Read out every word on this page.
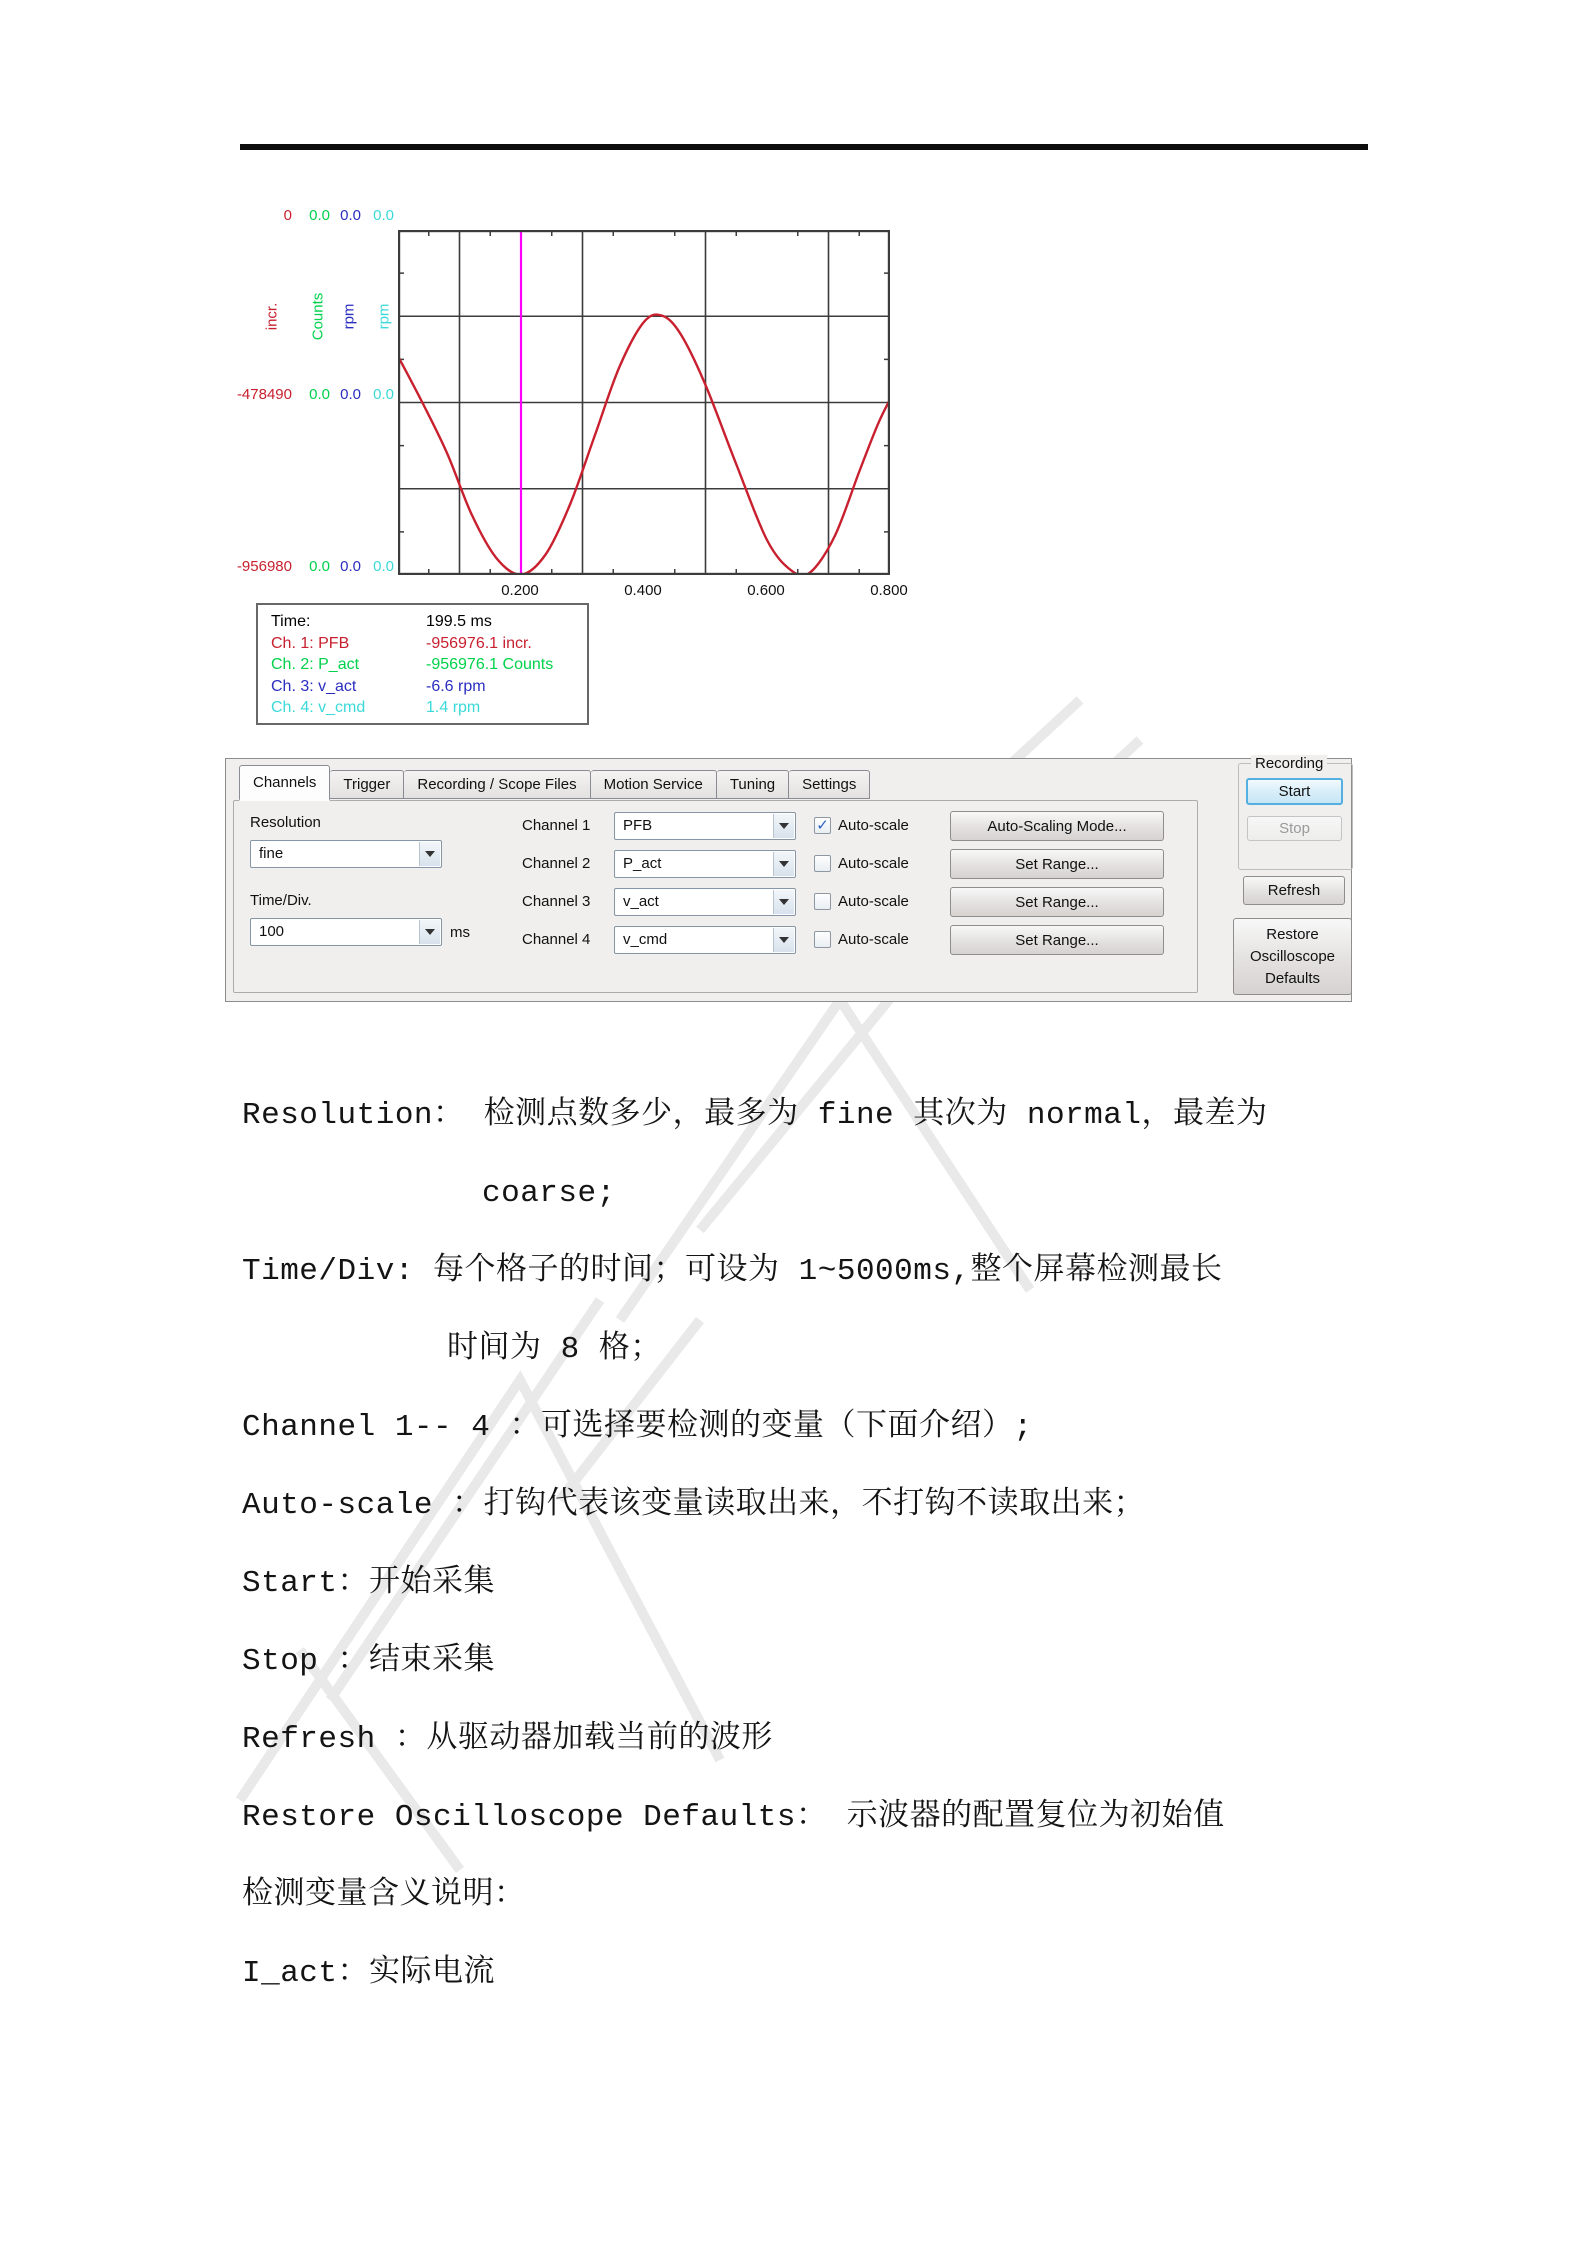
0	0.0 0.0 0.0
incr. Counts rpm rpm
-478490	0.0 0.0 0.0
-956980	0.0 0.0 0.0
0.200	0.400	0.600	0.800
Time:	199.5 ms
Ch. 1: PFB	-956976.1 incr.
Ch. 2: P_act	-956976.1 Counts
Ch. 3: v_act	-6.6 rpm
Ch. 4: v_cmd	1.4 rpm
Channels	Trigger	Recording / Scope Files	Motion Service	Tuning	Settings
Resolution
fine
Time/Div.
100	ms
Channel 1 PFB	✓ Auto-scale	Auto-Scaling Mode...
Channel 2 P_act	Auto-scale	Set Range...
Channel 3 v_act	Auto-scale	Set Range...
Channel 4 v_cmd	Auto-scale	Set Range...
Recording
Start
Stop
Refresh
Restore Oscilloscope Defaults
Resolution： 检测点数多少，最多为 fine 其次为 normal，最差为
coarse;
Time/Div: 每个格子的时间；可设为 1~5000ms,整个屏幕检测最长
时间为 8 格；
Channel 1-- 4 ：可选择要检测的变量（下面介绍）;
Auto-scale ：打钩代表该变量读取出来，不打钩不读取出来；
Start：开始采集
Stop ：结束采集
Refresh ：从驱动器加载当前的波形
Restore Oscilloscope Defaults： 示波器的配置复位为初始值
检测变量含义说明：
I_act：实际电流
